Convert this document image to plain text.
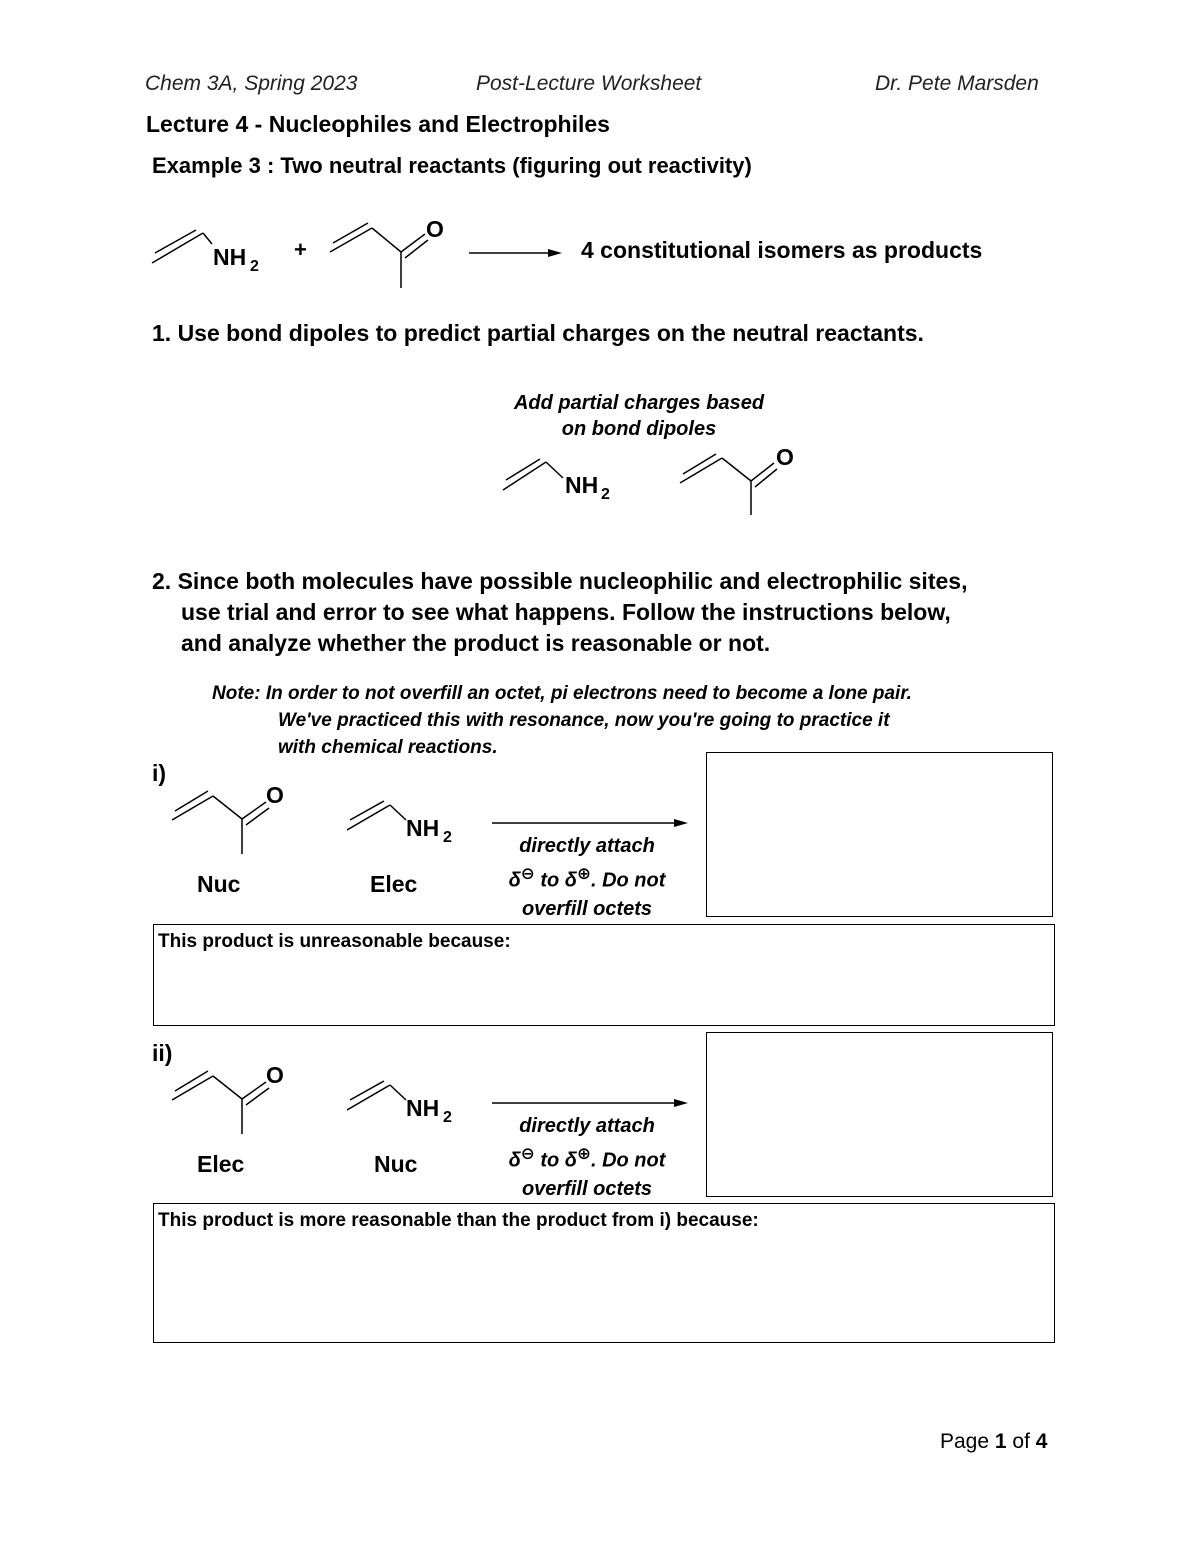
Chem 3A, Spring 2023	Post-Lecture Worksheet	Dr. Pete Marsden
Lecture 4 - Nucleophiles and Electrophiles
Example 3 : Two neutral reactants (figuring out reactivity)
NH 2
+
O
4 constitutional isomers as products
1. Use bond dipoles to predict partial charges on the neutral reactants.
Add partial charges based
on bond dipoles
NH 2
O
2. Since both molecules have possible nucleophilic and electrophilic sites,
use trial and error to see what happens. Follow the instructions below,
and analyze whether the product is reasonable or not.
Note: In order to not overfill an octet, pi electrons need to become a lone pair.
We've practiced this with resonance, now you're going to practice it
with chemical reactions.
i)
O
NH 2
Nuc	Elec
directly attach
δ⊖ to δ⊕. Do not
overfill octets
This product is unreasonable because:
ii)
O
NH 2
Elec	Nuc
directly attach
δ⊖ to δ⊕. Do not
overfill octets
This product is more reasonable than the product from i) because:
Page 1 of 4
